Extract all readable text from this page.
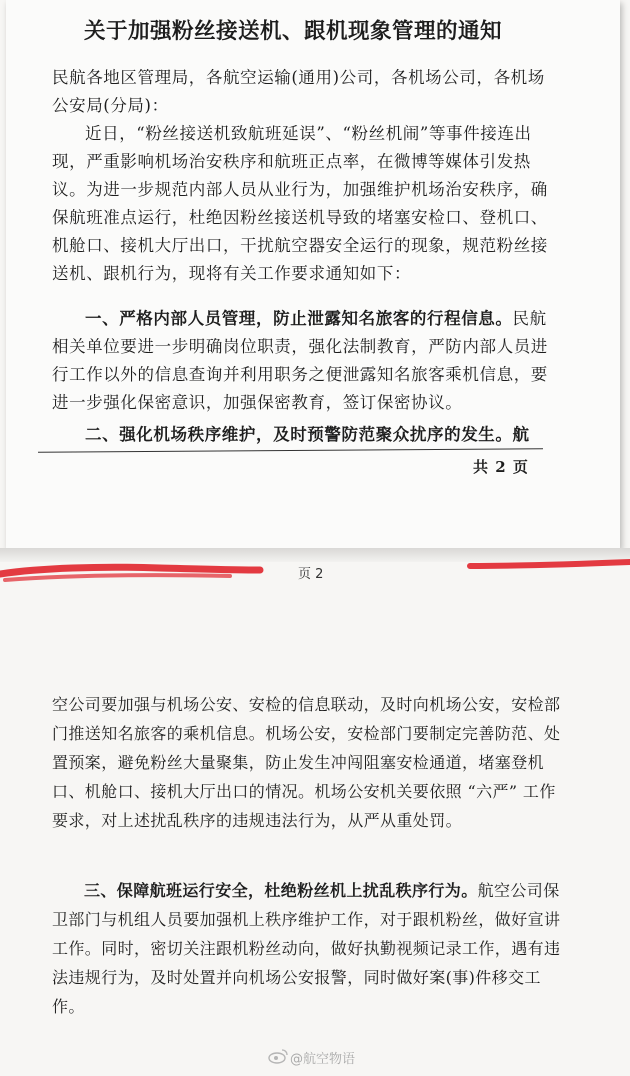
关于加强粉丝接送机、跟机现象管理的通知

民航各地区管理局，各航空运输(通用)公司，各机场公司，各机场公安局(分局)：

近日，“粉丝接送机致航班延误”、“粉丝机闹”等事件接连出现，严重影响机场治安秩序和航班正点率，在微博等媒体引发热议。为进一步规范内部人员从业行为，加强维护机场治安秩序，确保航班准点运行，杜绝因粉丝接送机导致的堵塞安检口、登机口、机舱口、接机大厅出口，干扰航空器安全运行的现象，规范粉丝接送机、跟机行为，现将有关工作要求通知如下：

一、严格内部人员管理，防止泄露知名旅客的行程信息。民航相关单位要进一步明确岗位职责，强化法制教育，严防内部人员进行工作以外的信息查询并利用职务之便泄露知名旅客乘机信息，要进一步强化保密意识，加强保密教育，签订保密协议。

二、强化机场秩序维护，及时预警防范聚众扰序的发生。航

共 2 页
页 2

空公司要加强与机场公安、安检的信息联动，及时向机场公安，安检部门推送知名旅客的乘机信息。机场公安，安检部门要制定完善防范、处置预案，避免粉丝大量聚集，防止发生冲闯阻塞安检通道，堵塞登机口、机舱口、接机大厅出口的情况。机场公安机关要依照 “六严” 工作要求，对上述扰乱秩序的违规违法行为，从严从重处罚。

三、保障航班运行安全，杜绝粉丝机上扰乱秩序行为。航空公司保卫部门与机组人员要加强机上秩序维护工作，对于跟机粉丝，做好宣讲工作。同时，密切关注跟机粉丝动向，做好执勤视频记录工作，遇有违法违规行为，及时处置并向机场公安报警，同时做好案(事)件移交工作。

@航空物语
